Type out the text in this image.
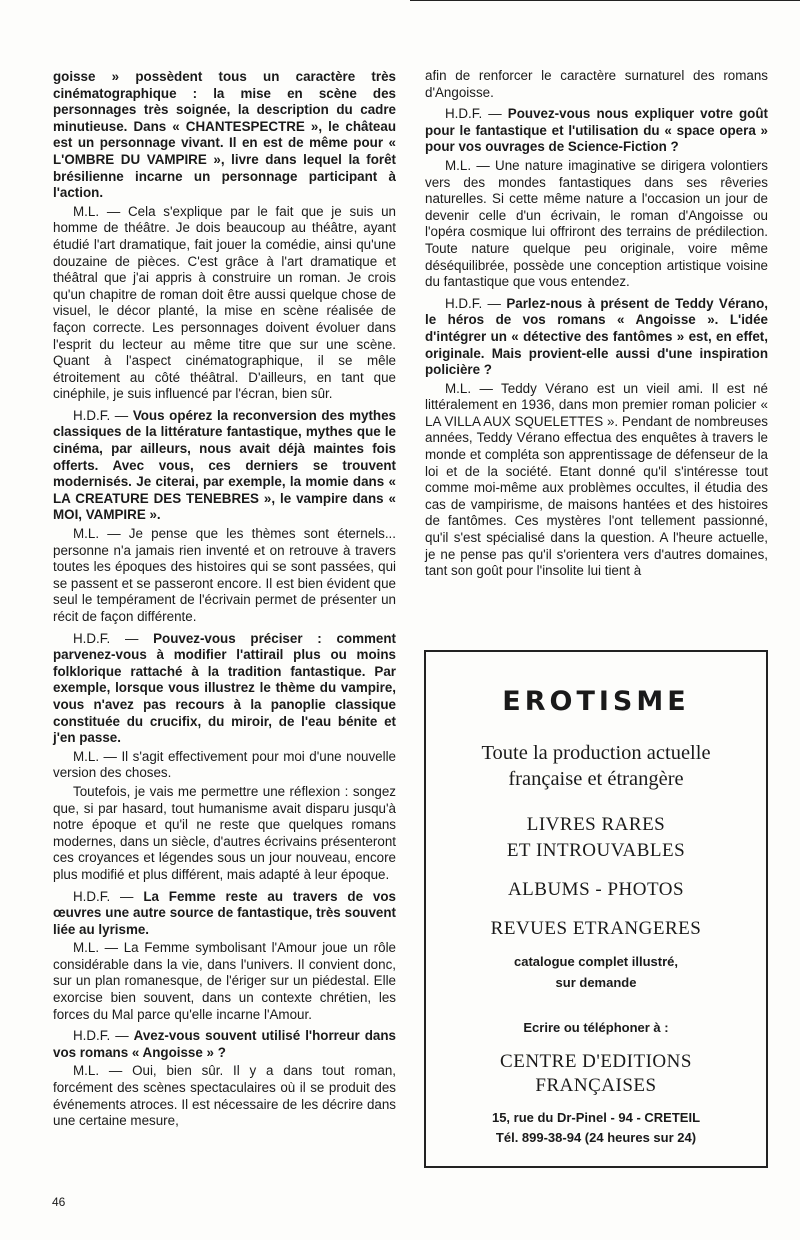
goisse » possèdent tous un caractère très cinématographique : la mise en scène des personnages très soignée, la description du cadre minutieuse. Dans « CHANTESPECTRE », le château est un personnage vivant. Il en est de même pour « L'OMBRE DU VAMPIRE », livre dans lequel la forêt brésilienne incarne un personnage participant à l'action.

M.L. — Cela s'explique par le fait que je suis un homme de théâtre. Je dois beaucoup au théâtre, ayant étudié l'art dramatique, fait jouer la comédie, ainsi qu'une douzaine de pièces. C'est grâce à l'art dramatique et théâtral que j'ai appris à construire un roman. Je crois qu'un chapitre de roman doit être aussi quelque chose de visuel, le décor planté, la mise en scène réalisée de façon correcte. Les personnages doivent évoluer dans l'esprit du lecteur au même titre que sur une scène. Quant à l'aspect cinématographique, il se mêle étroitement au côté théâtral. D'ailleurs, en tant que cinéphile, je suis influencé par l'écran, bien sûr.

H.D.F. — Vous opérez la reconversion des mythes classiques de la littérature fantastique, mythes que le cinéma, par ailleurs, nous avait déjà maintes fois offerts. Avec vous, ces derniers se trouvent modernisés. Je citerai, par exemple, la momie dans « LA CREATURE DES TENEBRES », le vampire dans « MOI, VAMPIRE ».

M.L. — Je pense que les thèmes sont éternels... personne n'a jamais rien inventé et on retrouve à travers toutes les époques des histoires qui se sont passées, qui se passent et se passeront encore. Il est bien évident que seul le tempérament de l'écrivain permet de présenter un récit de façon différente.

H.D.F. — Pouvez-vous préciser : comment parvenez-vous à modifier l'attirail plus ou moins folklorique rattaché à la tradition fantastique. Par exemple, lorsque vous illustrez le thème du vampire, vous n'avez pas recours à la panoplie classique constituée du crucifix, du miroir, de l'eau bénite et j'en passe.

M.L. — Il s'agit effectivement pour moi d'une nouvelle version des choses.

Toutefois, je vais me permettre une réflexion : songez que, si par hasard, tout humanisme avait disparu jusqu'à notre époque et qu'il ne reste que quelques romans modernes, dans un siècle, d'autres écrivains présenteront ces croyances et légendes sous un jour nouveau, encore plus modifié et plus différent, mais adapté à leur époque.

H.D.F. — La Femme reste au travers de vos œuvres une autre source de fantastique, très souvent liée au lyrisme.

M.L. — La Femme symbolisant l'Amour joue un rôle considérable dans la vie, dans l'univers. Il convient donc, sur un plan romanesque, de l'ériger sur un piédestal. Elle exorcise bien souvent, dans un contexte chrétien, les forces du Mal parce qu'elle incarne l'Amour.

H.D.F. — Avez-vous souvent utilisé l'horreur dans vos romans « Angoisse » ?

M.L. — Oui, bien sûr. Il y a dans tout roman, forcément des scènes spectaculaires où il se produit des événements atroces. Il est nécessaire de les décrire dans une certaine mesure,

afin de renforcer le caractère surnaturel des romans d'Angoisse.

H.D.F. — Pouvez-vous nous expliquer votre goût pour le fantastique et l'utilisation du « space opera » pour vos ouvrages de Science-Fiction ?

M.L. — Une nature imaginative se dirigera volontiers vers des mondes fantastiques dans ses rêveries naturelles. Si cette même nature a l'occasion un jour de devenir celle d'un écrivain, le roman d'Angoisse ou l'opéra cosmique lui offriront des terrains de prédilection. Toute nature quelque peu originale, voire même déséquilibrée, possède une conception artistique voisine du fantastique que vous entendez.

H.D.F. — Parlez-nous à présent de Teddy Vérano, le héros de vos romans « Angoisse ». L'idée d'intégrer un « détective des fantômes » est, en effet, originale. Mais provient-elle aussi d'une inspiration policière ?

M.L. — Teddy Vérano est un vieil ami. Il est né littéralement en 1936, dans mon premier roman policier « LA VILLA AUX SQUELETTES ». Pendant de nombreuses années, Teddy Vérano effectua des enquêtes à travers le monde et compléta son apprentissage de défenseur de la loi et de la société. Etant donné qu'il s'intéresse tout comme moi-même aux problèmes occultes, il étudia des cas de vampirisme, de maisons hantées et des histoires de fantômes. Ces mystères l'ont tellement passionné, qu'il s'est spécialisé dans la question. A l'heure actuelle, je ne pense pas qu'il s'orientera vers d'autres domaines, tant son goût pour l'insolite lui tient à

EROTISME
Toute la production actuelle
française et étrangère
LIVRES RARES
ET INTROUVABLES
ALBUMS - PHOTOS
REVUES ETRANGERES
catalogue complet illustré,
sur demande
Ecrire ou téléphoner à :
CENTRE D'EDITIONS
FRANÇAISES
15, rue du Dr-Pinel - 94 - CRETEIL
Tél. 899-38-94 (24 heures sur 24)
46
